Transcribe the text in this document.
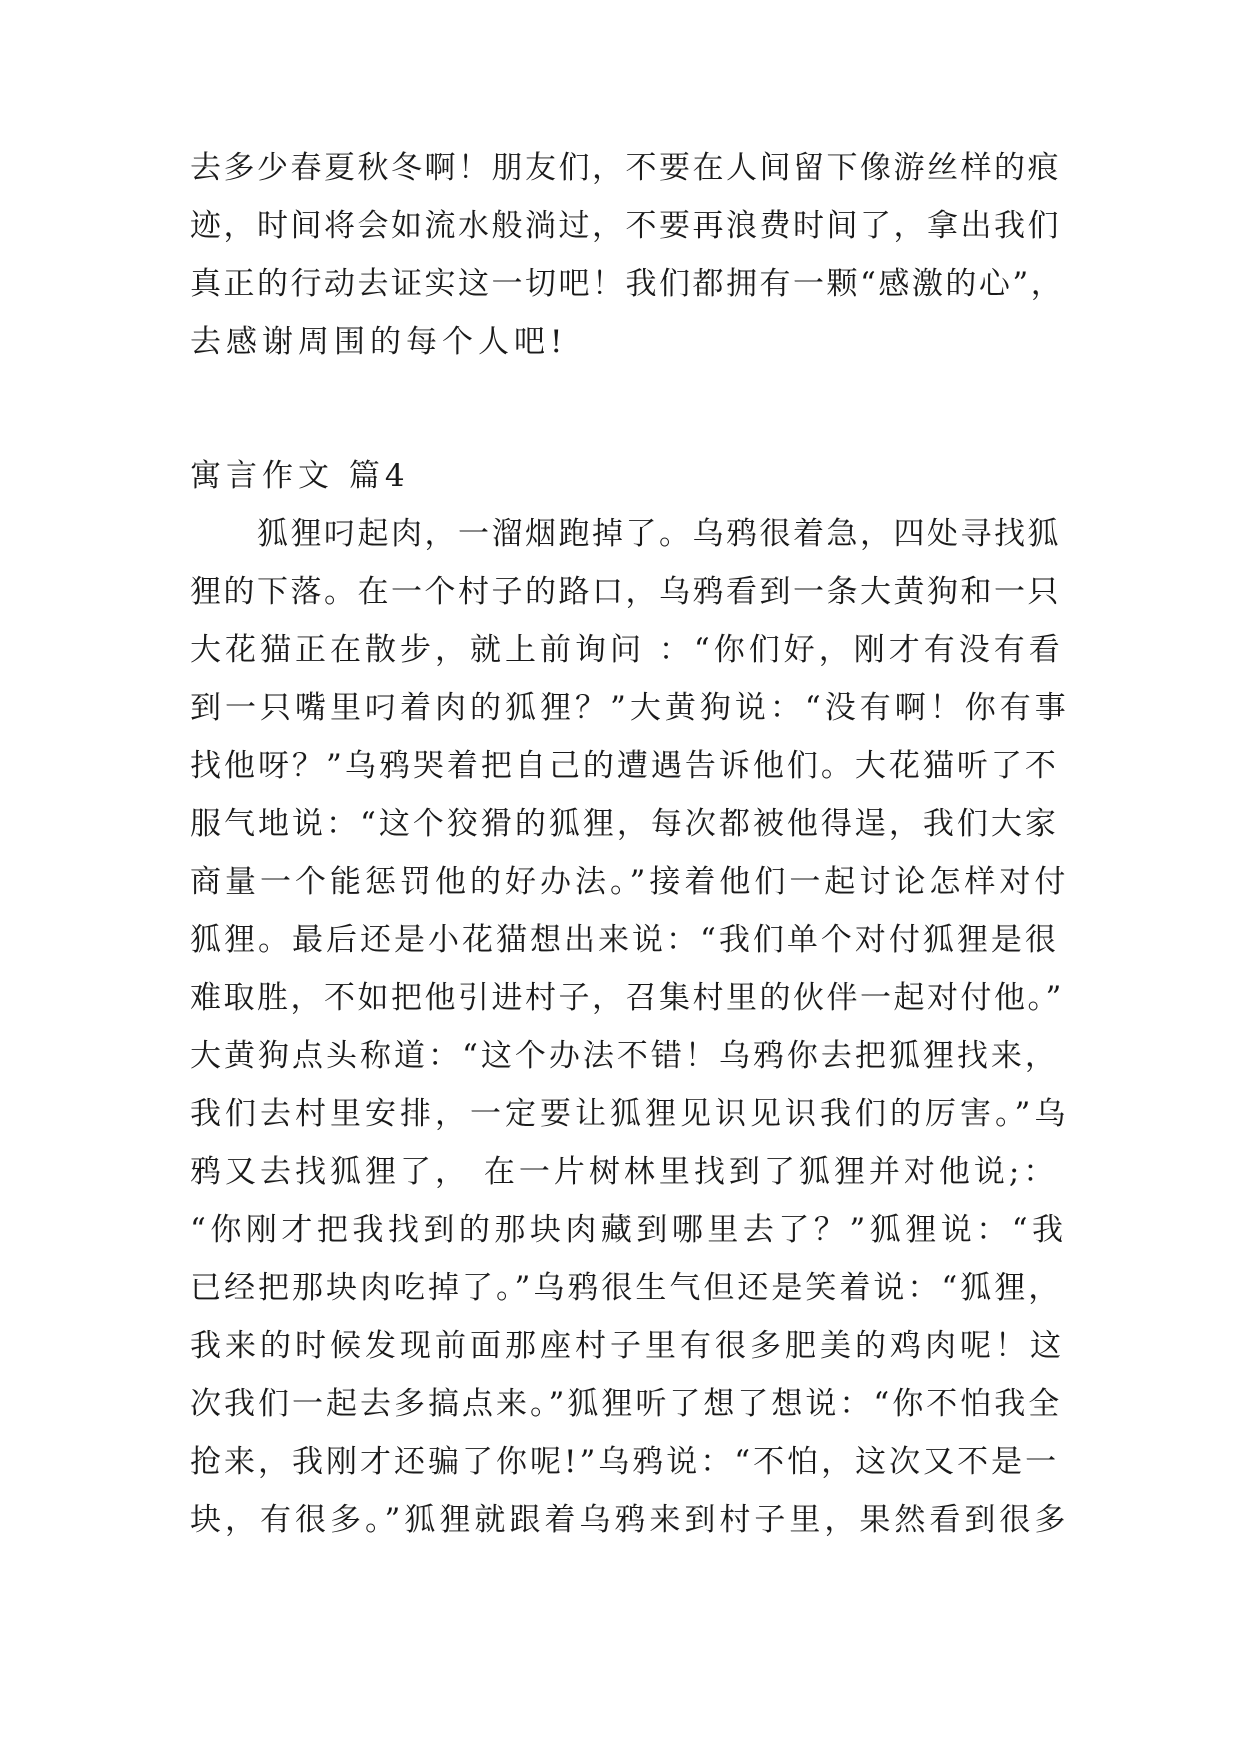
去多少春夏秋冬啊！朋友们，不要在人间留下像游丝样的痕
迹，时间将会如流水般淌过，不要再浪费时间了，拿出我们
真正的行动去证实这一切吧！我们都拥有一颗“感激的心”，
去感谢周围的每个人吧!
寓言作文 篇4
　　狐狸叼起肉，一溜烟跑掉了。乌鸦很着急，四处寻找狐
狸的下落。在一个村子的路口，乌鸦看到一条大黄狗和一只
大花猫正在散步，就上前询问 ：“你们好，刚才有没有看
到一只嘴里叼着肉的狐狸？”大黄狗说：“没有啊！你有事
找他呀？”乌鸦哭着把自己的遭遇告诉他们。大花猫听了不
服气地说：“这个狡猾的狐狸，每次都被他得逞，我们大家
商量一个能惩罚他的好办法。”接着他们一起讨论怎样对付
狐狸。最后还是小花猫想出来说：“我们单个对付狐狸是很
难取胜，不如把他引进村子，召集村里的伙伴一起对付他。”
大黄狗点头称道：“这个办法不错！乌鸦你去把狐狸找来，
我们去村里安排，一定要让狐狸见识见识我们的厉害。”乌
鸦又去找狐狸了， 在一片树林里找到了狐狸并对他说;：
“你刚才把我找到的那块肉藏到哪里去了？”狐狸说：“我
已经把那块肉吃掉了。”乌鸦很生气但还是笑着说：“狐狸，
我来的时候发现前面那座村子里有很多肥美的鸡肉呢！这
次我们一起去多搞点来。”狐狸听了想了想说：“你不怕我全
抢来，我刚才还骗了你呢!”乌鸦说：“不怕，这次又不是一
块，有很多。”狐狸就跟着乌鸦来到村子里，果然看到很多
